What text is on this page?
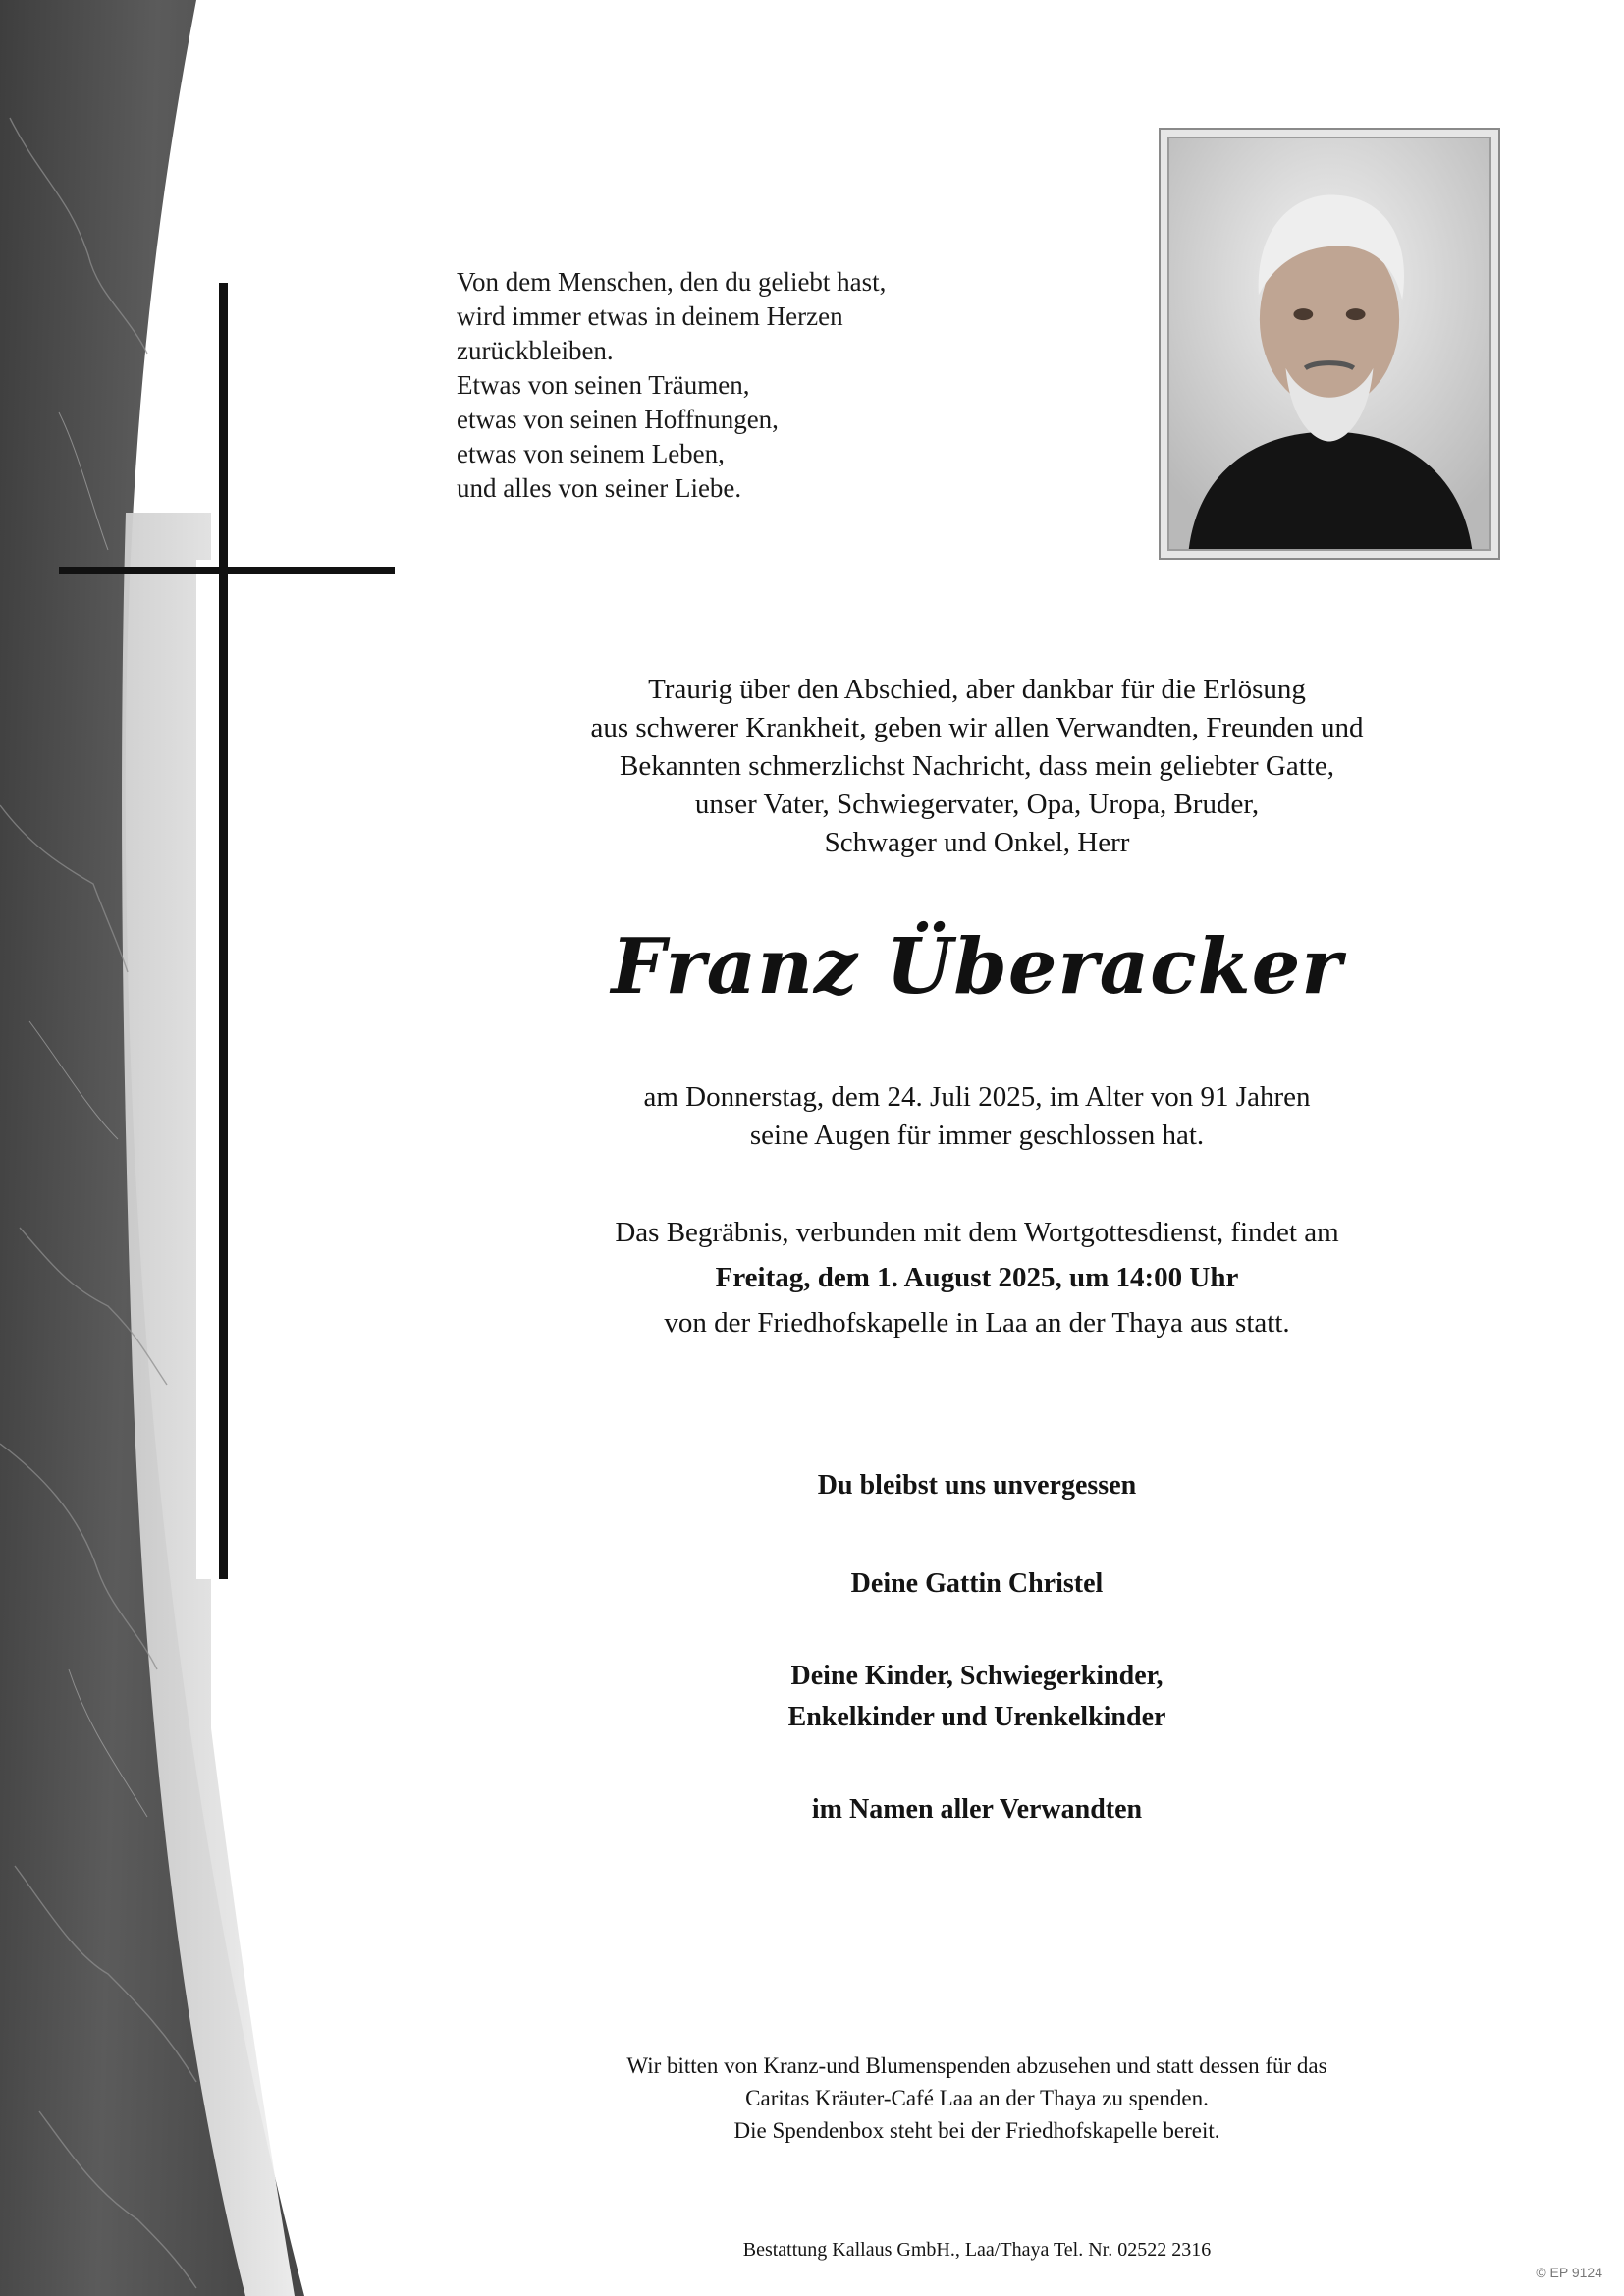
Von dem Menschen, den du geliebt hast,
wird immer etwas in deinem Herzen
zurückbleiben.
Etwas von seinen Träumen,
etwas von seinen Hoffnungen,
etwas von seinem Leben,
und alles von seiner Liebe.
Traurig über den Abschied, aber dankbar für die Erlösung
aus schwerer Krankheit, geben wir allen Verwandten, Freunden und
Bekannten schmerzlichst Nachricht, dass mein geliebter Gatte,
unser Vater, Schwiegervater, Opa, Uropa, Bruder,
Schwager und Onkel, Herr
Franz Überacker
am Donnerstag, dem 24. Juli 2025, im Alter von 91 Jahren
seine Augen für immer geschlossen hat.
Das Begräbnis, verbunden mit dem Wortgottesdienst, findet am
Freitag, dem 1. August 2025, um 14:00 Uhr
von der Friedhofskapelle in Laa an der Thaya aus statt.
Du bleibst uns unvergessen
Deine Gattin Christel
Deine Kinder, Schwiegerkinder,
Enkelkinder und Urenkelkinder
im Namen aller Verwandten
Wir bitten von Kranz-und Blumenspenden abzusehen und statt dessen für das
Caritas Kräuter-Café Laa an der Thaya zu spenden.
Die Spendenbox steht bei der Friedhofskapelle bereit.
Bestattung Kallaus GmbH., Laa/Thaya Tel. Nr. 02522 2316
© EP 9124
